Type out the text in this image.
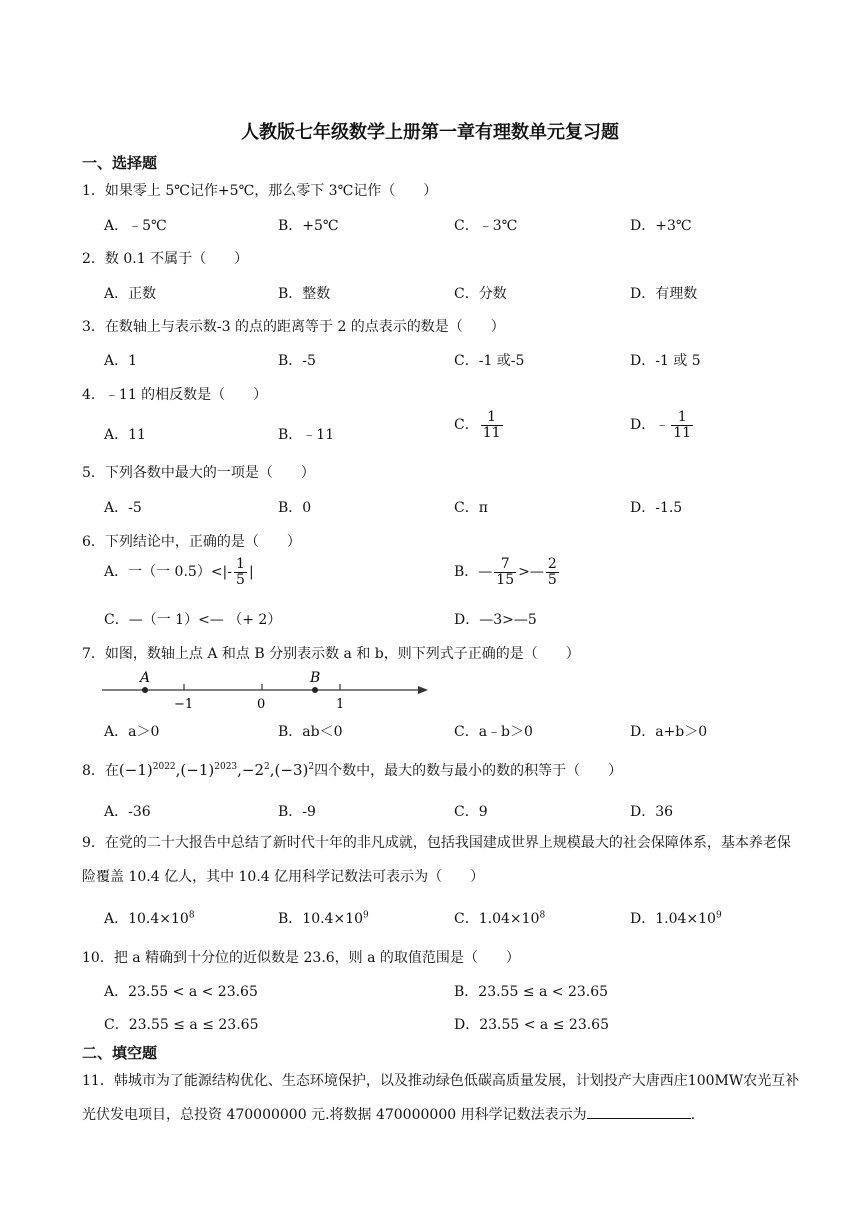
人教版七年级数学上册第一章有理数单元复习题
一、选择题
1．如果零上 5℃记作+5℃，那么零下 3℃记作（　　）
A．﹣5℃	B．+5℃	C．﹣3℃	D．+3℃
2．数 0.1 不属于（　　）
A．正数	B．整数	C．分数	D．有理数
3．在数轴上与表示数-3 的点的距离等于 2 的点表示的数是（　　）
A．1	B．-5	C．-1 或-5	D．-1 或 5
4．﹣11 的相反数是（　　）
A．11	B．﹣11
C． $\frac{1}{11}$	D．﹣ $\frac{1}{11}$
5．下列各数中最大的一项是（　　）
A．-5	B．0	C．π	D．-1.5
6．下列结论中，正确的是（　　）
A．一（一 $0.5)<|- \frac{1}{5}$ |	B．— $\frac{7}{15}$ >— $\frac{2}{5}$
C．—（一 1）<— （+ 2）	D．—3>—5
7．如图，数轴上点 A 和点 B 分别表示数 a 和 b，则下列式子正确的是（　　）
A	B
−1	0	1
A．a＞0	B．ab＜0	C．a﹣b＞0	D．a+b＞0
8．在$(-1)^{2022},(-1)^{2023},-2^2,(-3)^2$四个数中，最大的数与最小的数的积等于（　　）
A．-36	B．-9	C．9	D．36
9．在党的二十大报告中总结了新时代十年的非凡成就，包括我国建成世界上规模最大的社会保障体系，基本养老保险覆盖 10.4 亿人，其中 10.4 亿用科学记数法可表示为（　　）
A．$10.4\times 10^8$	B．$10.4\times 10^9$	C．$1.04\times 10^8$	D．$1.04\times 10^9$
10．把 a 精确到十分位的近似数是 23.6，则 a 的取值范围是（　　）
A．23.55 < a < 23.65	B．23.55 ≤ a < 23.65
C．23.55 ≤ a ≤ 23.65	D．23.55 < a ≤ 23.65
二、填空题
11．韩城市为了能源结构优化、生态环境保护，以及推动绿色低碳高质量发展，计划投产大唐西庄100MW农光互补光伏发电项目，总投资 470000000 元.将数据 470000000 用科学记数法表示为	.
